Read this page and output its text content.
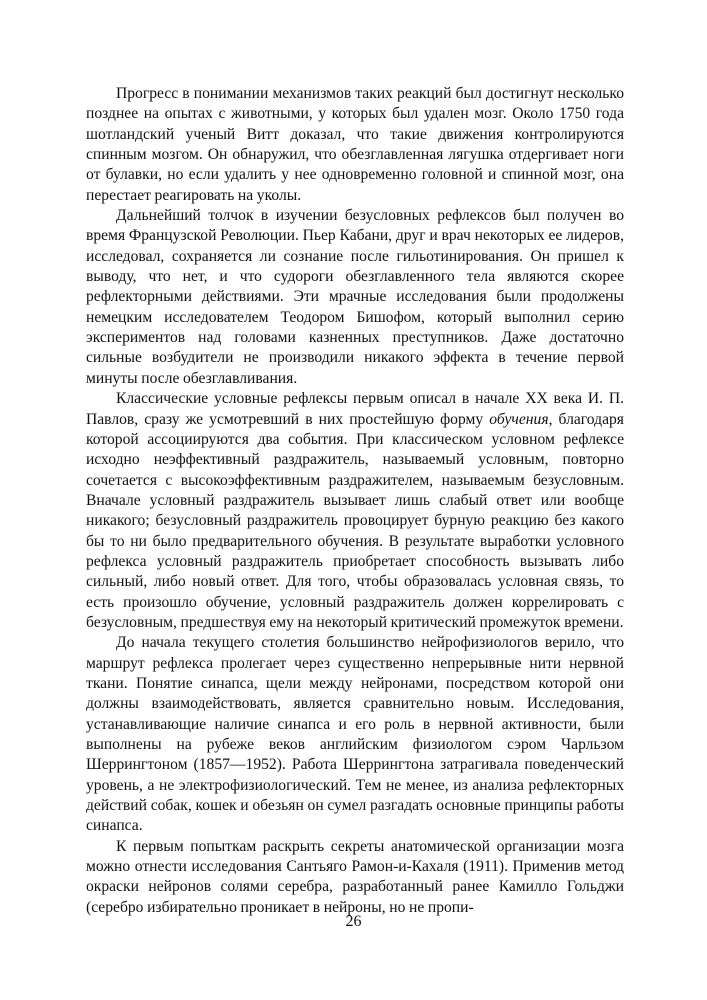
Прогресс в понимании механизмов таких реакций был достигнут несколько позднее на опытах с животными, у которых был удален мозг. Около 1750 года шотландский ученый Витт доказал, что такие движения контролируются спинным мозгом. Он обнаружил, что обезглавленная лягушка отдергивает ноги от булавки, но если удалить у нее одновременно головной и спинной мозг, она перестает реагировать на уколы.

Дальнейший толчок в изучении безусловных рефлексов был получен во время Французской Революции. Пьер Кабани, друг и врач некоторых ее лидеров, исследовал, сохраняется ли сознание после гильотинирования. Он пришел к выводу, что нет, и что судороги обезглавленного тела являются скорее рефлекторными действиями. Эти мрачные исследования были продолжены немецким исследователем Теодором Бишофом, который выполнил серию экспериментов над головами казненных преступников. Даже достаточно сильные возбудители не производили никакого эффекта в течение первой минуты после обезглавливания.

Классические условные рефлексы первым описал в начале XX века И. П. Павлов, сразу же усмотревший в них простейшую форму обучения, благодаря которой ассоциируются два события. При классическом условном рефлексе исходно неэффективный раздражитель, называемый условным, повторно сочетается с высокоэффективным раздражителем, называемым безусловным. Вначале условный раздражитель вызывает лишь слабый ответ или вообще никакого; безусловный раздражитель провоцирует бурную реакцию без какого бы то ни было предварительного обучения. В результате выработки условного рефлекса условный раздражитель приобретает способность вызывать либо сильный, либо новый ответ. Для того, чтобы образовалась условная связь, то есть произошло обучение, условный раздражитель должен коррелировать с безусловным, предшествуя ему на некоторый критический промежуток времени.

До начала текущего столетия большинство нейрофизиологов верило, что маршрут рефлекса пролегает через существенно непрерывные нити нервной ткани. Понятие синапса, щели между нейронами, посредством которой они должны взаимодействовать, является сравнительно новым. Исследования, устанавливающие наличие синапса и его роль в нервной активности, были выполнены на рубеже веков английским физиологом сэром Чарльзом Шеррингтоном (1857—1952). Работа Шеррингтона затрагивала поведенческий уровень, а не электрофизиологический. Тем не менее, из анализа рефлекторных действий собак, кошек и обезьян он сумел разгадать основные принципы работы синапса.

К первым попыткам раскрыть секреты анатомической организации мозга можно отнести исследования Сантьяго Рамон-и-Кахаля (1911). Применив метод окраски нейронов солями серебра, разработанный ранее Камилло Гольджи (серебро избирательно проникает в нейроны, но не пропи-

26
